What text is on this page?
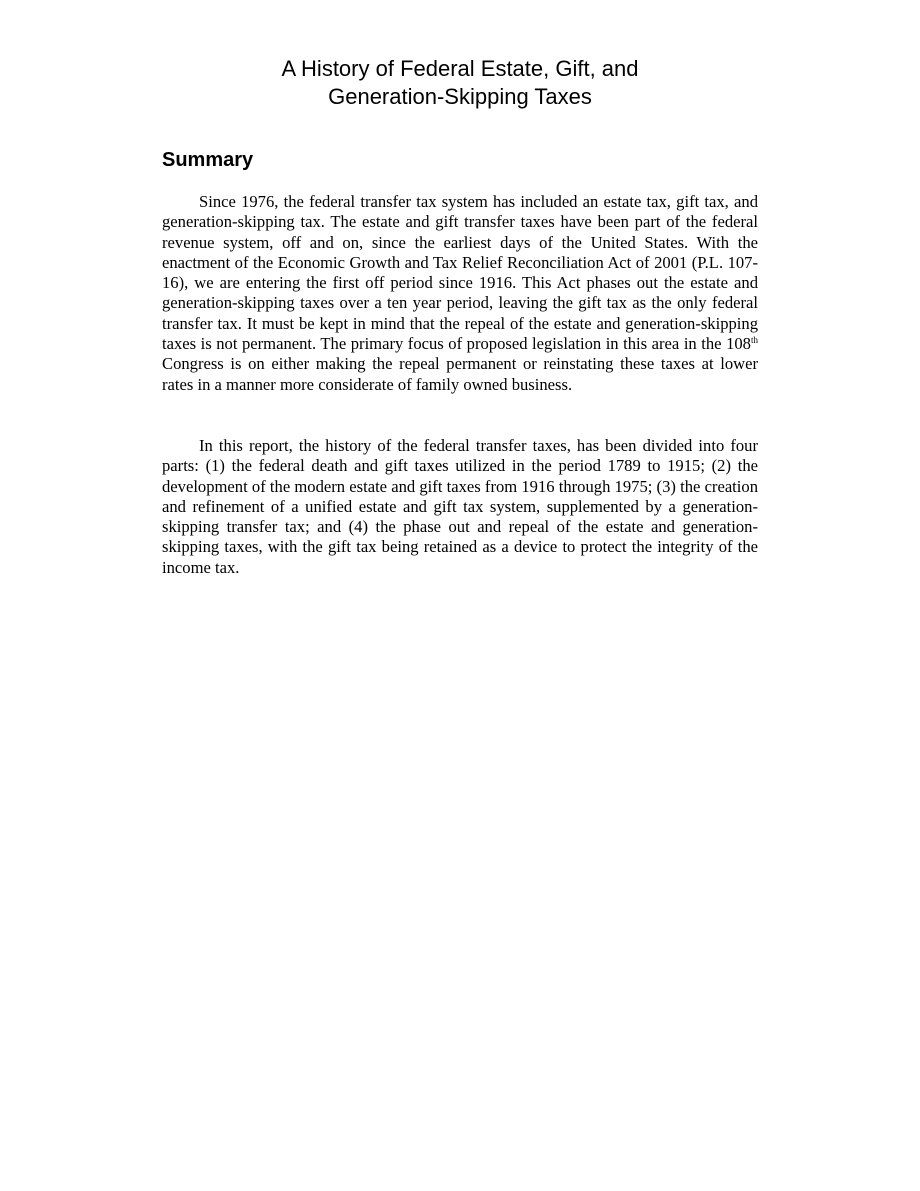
A History of Federal Estate, Gift, and
Generation-Skipping Taxes
Summary

Since 1976, the federal transfer tax system has included an estate tax, gift tax, and generation-skipping tax. The estate and gift transfer taxes have been part of the federal revenue system, off and on, since the earliest days of the United States. With the enactment of the Economic Growth and Tax Relief Reconciliation Act of 2001 (P.L. 107-16), we are entering the first off period since 1916. This Act phases out the estate and generation-skipping taxes over a ten year period, leaving the gift tax as the only federal transfer tax. It must be kept in mind that the repeal of the estate and generation-skipping taxes is not permanent. The primary focus of proposed legislation in this area in the 108th Congress is on either making the repeal permanent or reinstating these taxes at lower rates in a manner more considerate of family owned business.

In this report, the history of the federal transfer taxes, has been divided into four parts: (1) the federal death and gift taxes utilized in the period 1789 to 1915; (2) the development of the modern estate and gift taxes from 1916 through 1975; (3) the creation and refinement of a unified estate and gift tax system, supplemented by a generation-skipping transfer tax; and (4) the phase out and repeal of the estate and generation-skipping taxes, with the gift tax being retained as a device to protect the integrity of the income tax.
